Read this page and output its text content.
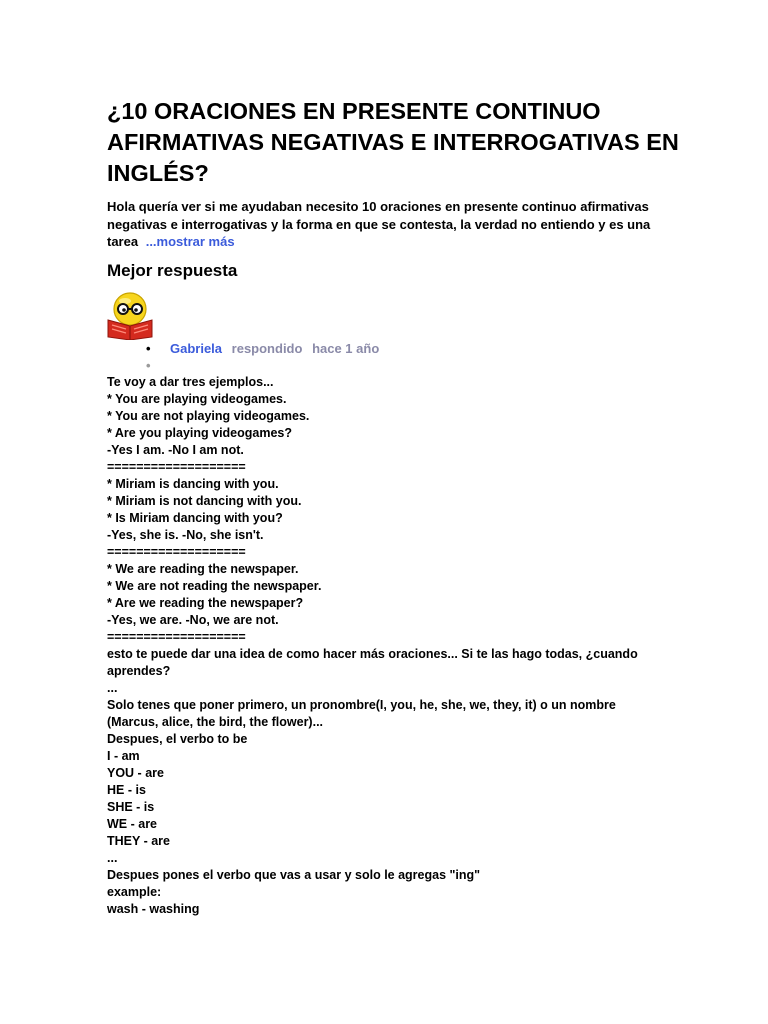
¿10 ORACIONES EN PRESENTE CONTINUO AFIRMATIVAS NEGATIVAS E INTERROGATIVAS EN INGLÉS?

Hola quería ver si me ayudaban necesito 10 oraciones en presente continuo afirmativas negativas e interrogativas y la forma en que se contesta, la verdad no entiendo y es una tarea ...mostrar más

Mejor respuesta
• Gabriela respondido hace 1 año
•
Te voy a dar tres ejemplos...
* You are playing videogames.
* You are not playing videogames.
* Are you playing videogames?
-Yes I am. -No I am not.
===================
* Miriam is dancing with you.
* Miriam is not dancing with you.
* Is Miriam dancing with you?
-Yes, she is. -No, she isn't.
===================
* We are reading the newspaper.
* We are not reading the newspaper.
* Are we reading the newspaper?
-Yes, we are. -No, we are not.
===================
esto te puede dar una idea de como hacer más oraciones... Si te las hago todas, ¿cuando aprendes?
...
Solo tenes que poner primero, un pronombre(I, you, he, she, we, they, it) o un nombre (Marcus, alice, the bird, the flower)...
Despues, el verbo to be
I - am
YOU - are
HE - is
SHE - is
WE - are
THEY - are
...
Despues pones el verbo que vas a usar y solo le agregas "ing"
example:
wash - washing
